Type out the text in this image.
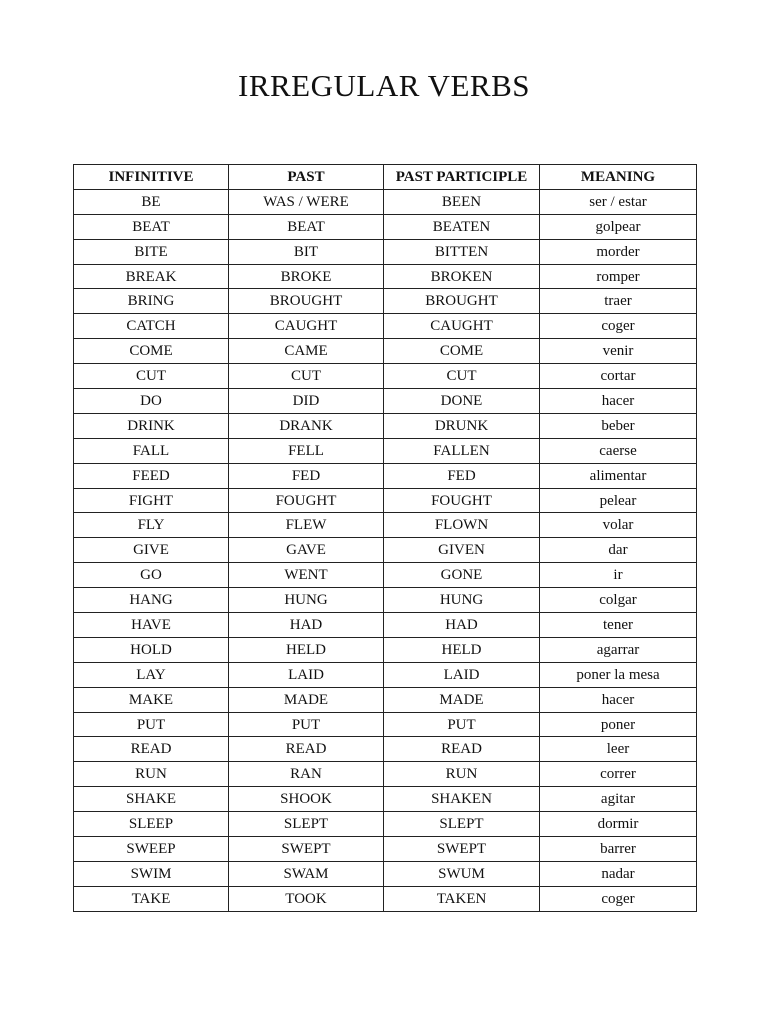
IRREGULAR VERBS
INFINITIVE	PAST	PAST PARTICIPLE	MEANING
BE	WAS / WERE	BEEN	ser / estar
BEAT	BEAT	BEATEN	golpear
BITE	BIT	BITTEN	morder
BREAK	BROKE	BROKEN	romper
BRING	BROUGHT	BROUGHT	traer
CATCH	CAUGHT	CAUGHT	coger
COME	CAME	COME	venir
CUT	CUT	CUT	cortar
DO	DID	DONE	hacer
DRINK	DRANK	DRUNK	beber
FALL	FELL	FALLEN	caerse
FEED	FED	FED	alimentar
FIGHT	FOUGHT	FOUGHT	pelear
FLY	FLEW	FLOWN	volar
GIVE	GAVE	GIVEN	dar
GO	WENT	GONE	ir
HANG	HUNG	HUNG	colgar
HAVE	HAD	HAD	tener
HOLD	HELD	HELD	agarrar
LAY	LAID	LAID	poner la mesa
MAKE	MADE	MADE	hacer
PUT	PUT	PUT	poner
READ	READ	READ	leer
RUN	RAN	RUN	correr
SHAKE	SHOOK	SHAKEN	agitar
SLEEP	SLEPT	SLEPT	dormir
SWEEP	SWEPT	SWEPT	barrer
SWIM	SWAM	SWUM	nadar
TAKE	TOOK	TAKEN	coger
